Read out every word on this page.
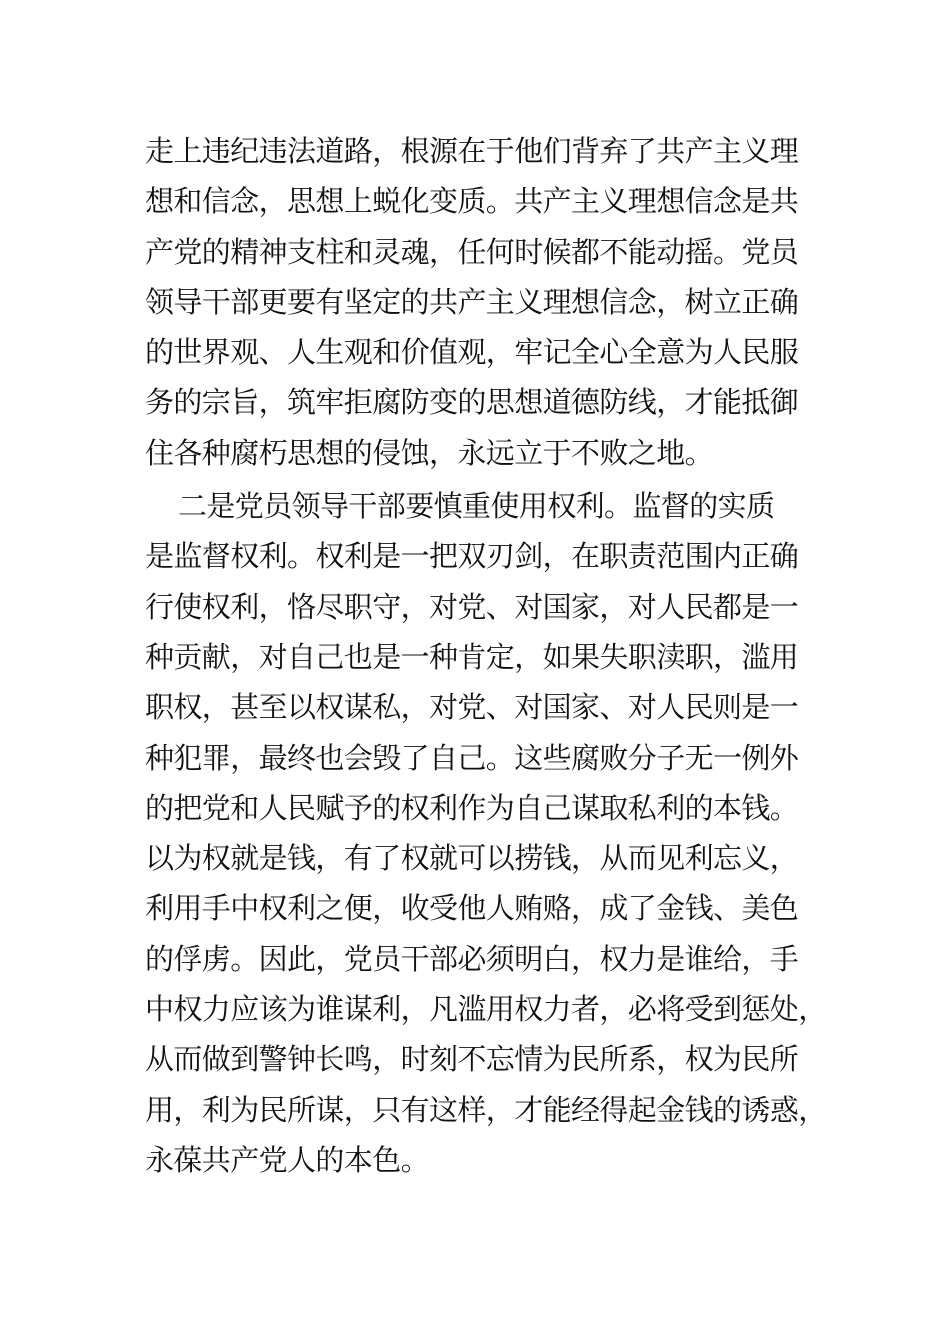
走上违纪违法道路，根源在于他们背弃了共产主义理
想和信念，思想上蜕化变质。共产主义理想信念是共
产党的精神支柱和灵魂，任何时候都不能动摇。党员
领导干部更要有坚定的共产主义理想信念，树立正确
的世界观、人生观和价值观，牢记全心全意为人民服
务的宗旨，筑牢拒腐防变的思想道德防线，才能抵御
住各种腐朽思想的侵蚀，永远立于不败之地。
二是党员领导干部要慎重使用权利。监督的实质
是监督权利。权利是一把双刃剑，在职责范围内正确
行使权利，恪尽职守，对党、对国家，对人民都是一
种贡献，对自己也是一种肯定，如果失职渎职，滥用
职权，甚至以权谋私，对党、对国家、对人民则是一
种犯罪，最终也会毁了自己。这些腐败分子无一例外
的把党和人民赋予的权利作为自己谋取私利的本钱。
以为权就是钱，有了权就可以捞钱，从而见利忘义，
利用手中权利之便，收受他人贿赂，成了金钱、美色
的俘虏。因此，党员干部必须明白，权力是谁给，手
中权力应该为谁谋利，凡滥用权力者，必将受到惩处，
从而做到警钟长鸣，时刻不忘情为民所系，权为民所
用，利为民所谋，只有这样，才能经得起金钱的诱惑，
永葆共产党人的本色。
